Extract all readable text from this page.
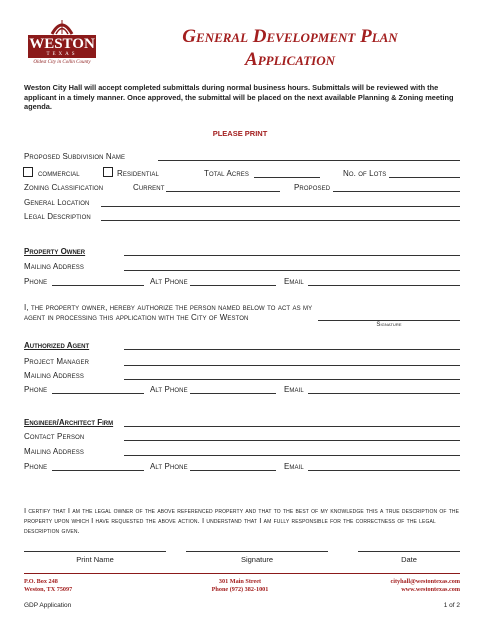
WESTON
TEXAS
Oldest City in Collin County
General Development Plan
Application
Weston City Hall will accept completed submittals during normal business hours. Submittals will be reviewed with the applicant in a timely manner. Once approved, the submittal will be placed on the next available Planning & Zoning meeting agenda.
PLEASE PRINT
Proposed Subdivision Name
commercial	Residential	Total Acres	No. of Lots
Zoning Classification	Current	Proposed
General Location
Legal Description
Property Owner
Mailing Address
Phone	Alt Phone	Email
I, the property owner, hereby authorize the person named below to act as my agent in processing this application with the City of Weston
Signature
Authorized Agent
Project Manager
Mailing Address
Phone	Alt Phone	Email
Engineer/Architect Firm
Contact Person
Mailing Address
Phone	Alt Phone	Email
I certify that I am the legal owner of the above referenced property and that to the best of my knowledge this a true description of the property upon which I have requested the above action. I understand that I am fully responsible for the correctness of the legal description given.
Print Name	Signature	Date
P.O. Box 248
Weston, TX 75097
301 Main Street
Phone (972) 382-1001
cityhall@westontexas.com
www.westontexas.com
GDP Application	1 of 2
